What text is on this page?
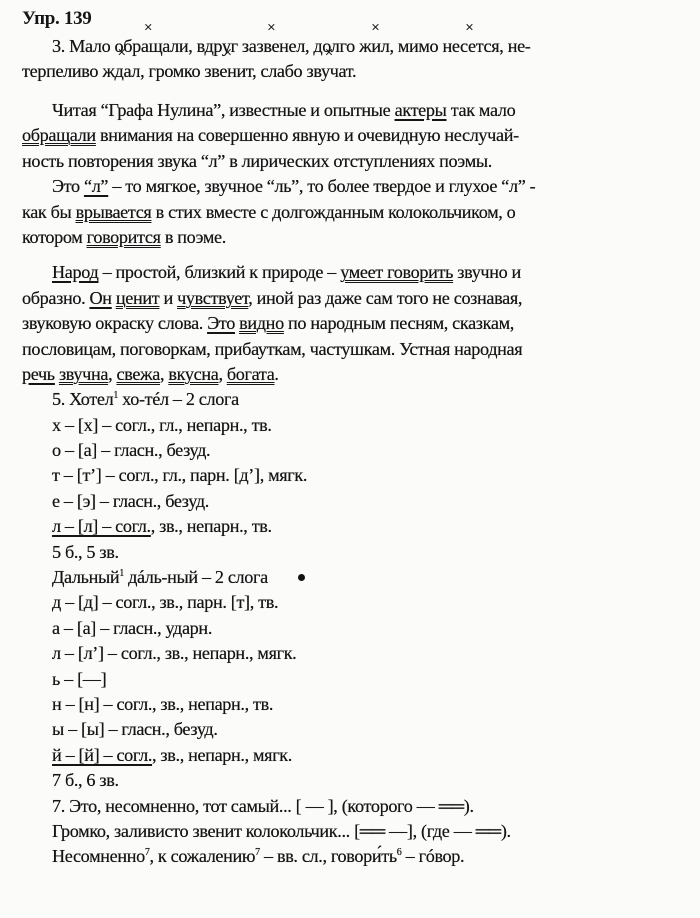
Упр. 139
3. Мало × обращали, вдруг × зазвенел, долго × жил, мимо × несется, не-
терпеливо × ждал, громко × звенит, слабо × звучат.
Читая “Графа Нулина”, известные и опытные актеры так мало
обращали внимания на совершенно явную и очевидную неслучай-
ность повторения звука “л” в лирических отступлениях поэмы.
Это “л” – то мягкое, звучное “ль”, то более твердое и глухое “л” -
как бы врывается в стих вместе с долгожданным колокольчиком, о
котором говорится в поэме.
Народ – простой, близкий к природе – умеет говорить звучно и
образно. Он ценит и чувствует, иной раз даже сам того не сознавая,
звуковую окраску слова. Это видно по народным песням, сказкам,
пословицам, поговоркам, прибауткам, частушкам. Устная народная
речь звучна, свежа, вкусна, богата.
5. Хотел$^1$ хо-тéл – 2 слога
х – [х] – согл., гл., непарн., тв.
о – [а] – гласн., безуд.
т – [т’] – согл., гл., парн. [д’], мягк.
е – [э] – гласн., безуд.
л – [л] – согл., зв., непарн., тв.
5 б., 5 зв.
Дальный$^1$ дáль-ный – 2 слога
д – [д] – согл., зв., парн. [т], тв.
а – [а] – гласн., ударн.
л – [л’] – согл., зв., непарн., мягк.
ь – [—]
н – [н] – согл., зв., непарн., тв.
ы – [ы] – гласн., безуд.
й – [й] – согл., зв., непарн., мягк.
7 б., 6 зв.
7. Это, несомненно, тот самый... [ — ], (которого — ══).
Громко, заливисто звенит колокольчик... [══ —], (где — ══).
Несомненно$^7$, к сожалению$^7$ – вв. сл., $говори́ть^6$ – гóвор.
